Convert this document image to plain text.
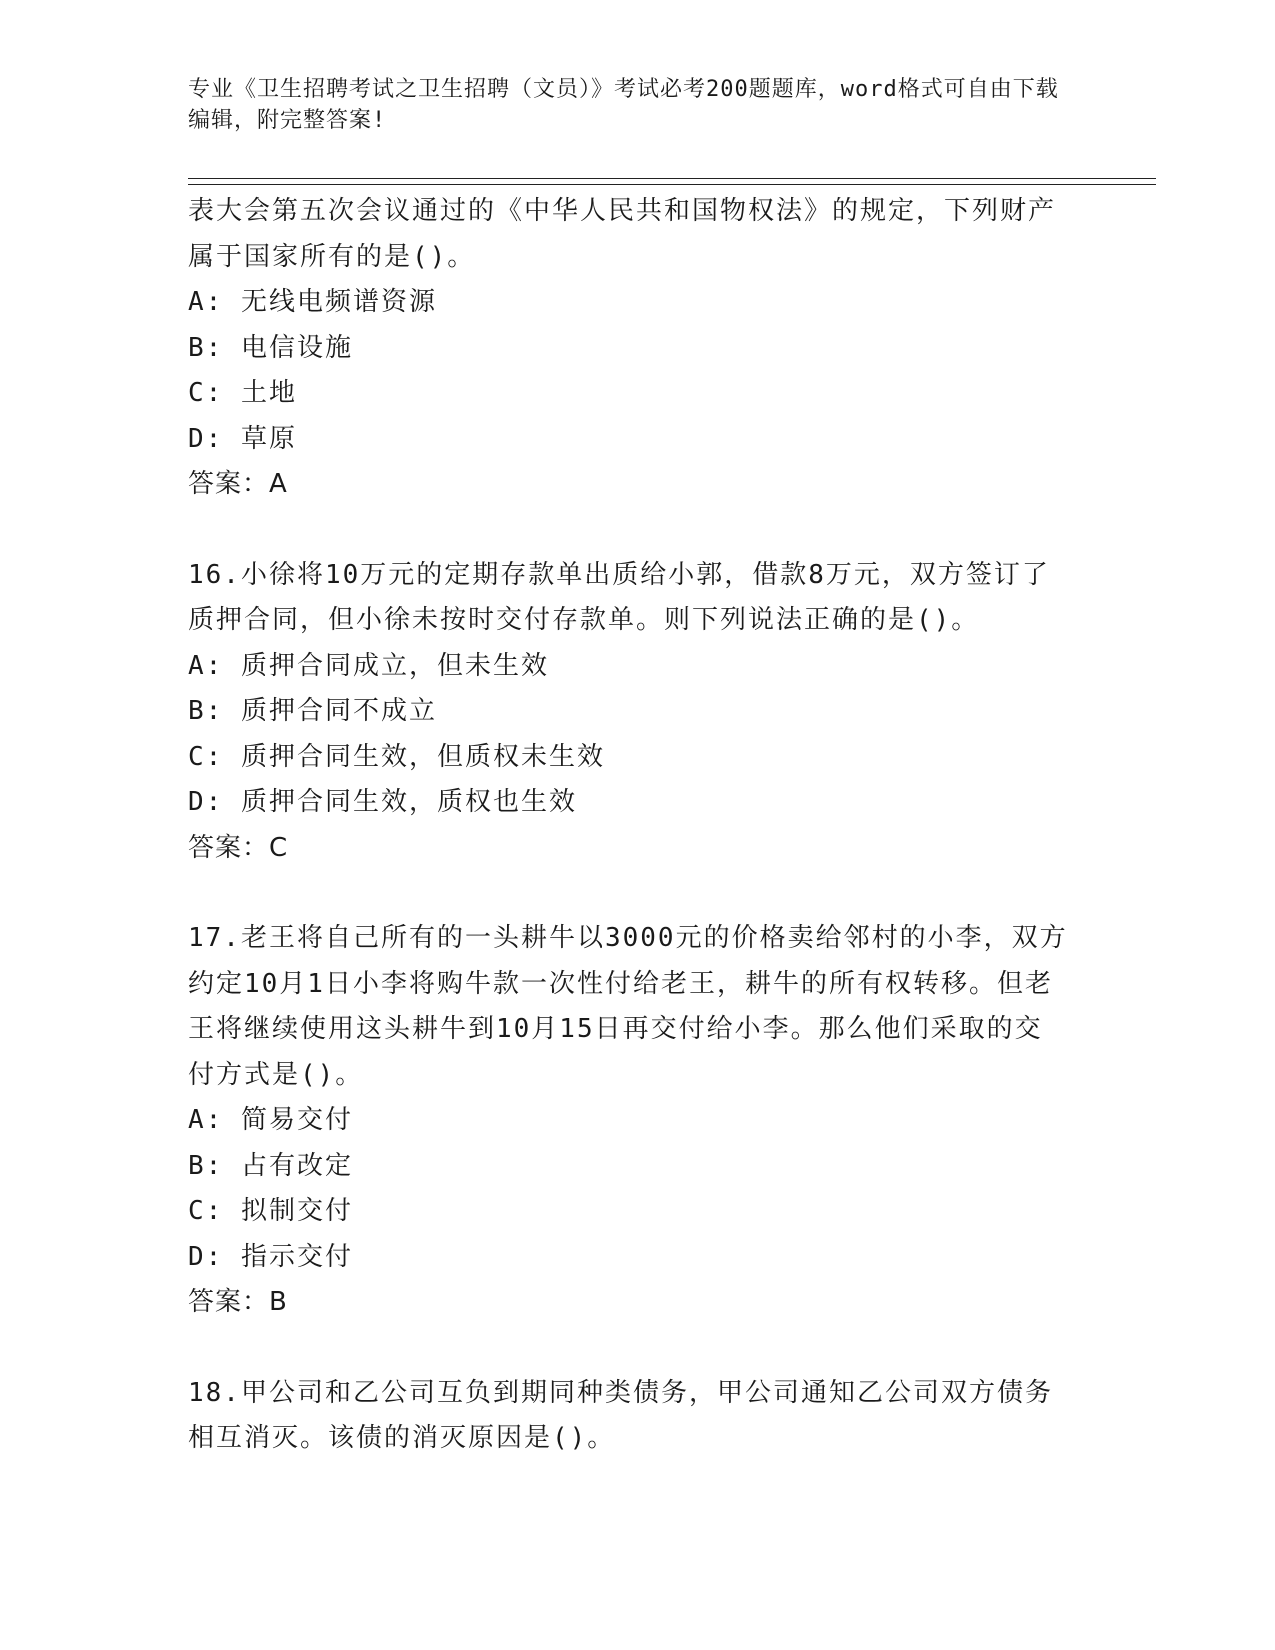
专业《卫生招聘考试之卫生招聘（文员）》考试必考200题题库，word格式可自由下载编辑，附完整答案!

表大会第五次会议通过的《中华人民共和国物权法》的规定，下列财产属于国家所有的是()。

A: 无线电频谱资源

B: 电信设施

C: 土地

D: 草原

答案：A

16.小徐将10万元的定期存款单出质给小郭，借款8万元，双方签订了质押合同，但小徐未按时交付存款单。则下列说法正确的是()。

A: 质押合同成立，但未生效

B: 质押合同不成立

C: 质押合同生效，但质权未生效

D: 质押合同生效，质权也生效

答案：C

17.老王将自己所有的一头耕牛以3000元的价格卖给邻村的小李，双方约定10月1日小李将购牛款一次性付给老王，耕牛的所有权转移。但老王将继续使用这头耕牛到10月15日再交付给小李。那么他们采取的交付方式是()。

A: 简易交付

B: 占有改定

C: 拟制交付

D: 指示交付

答案：B

18.甲公司和乙公司互负到期同种类债务，甲公司通知乙公司双方债务相互消灭。该债的消灭原因是()。
